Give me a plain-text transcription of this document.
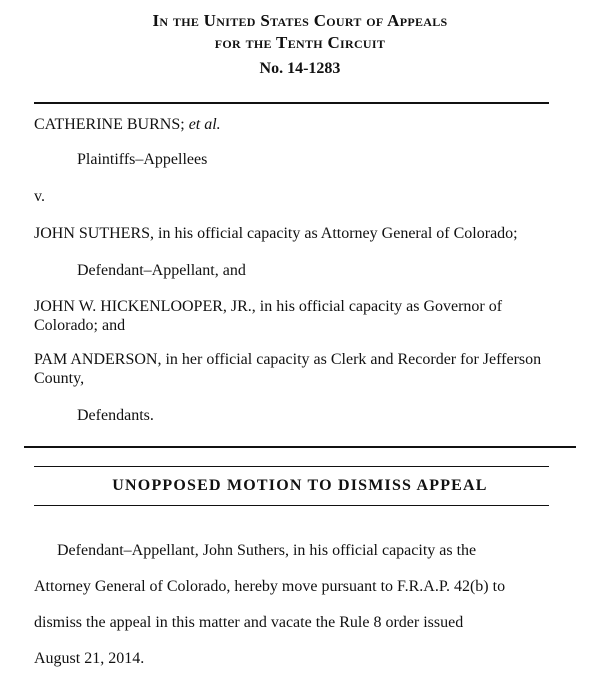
In the United States Court of Appeals
for the Tenth Circuit
No. 14-1283
CATHERINE BURNS; et al.
Plaintiffs–Appellees
v.
JOHN SUTHERS, in his official capacity as Attorney General of Colorado;
Defendant–Appellant, and
JOHN W. HICKENLOOPER, JR., in his official capacity as Governor of Colorado; and
PAM ANDERSON, in her official capacity as Clerk and Recorder for Jefferson County,
Defendants.
UNOPPOSED MOTION TO DISMISS APPEAL
Defendant–Appellant, John Suthers, in his official capacity as the
Attorney General of Colorado, hereby move pursuant to F.R.A.P. 42(b) to
dismiss the appeal in this matter and vacate the Rule 8 order issued
August 21, 2014.
